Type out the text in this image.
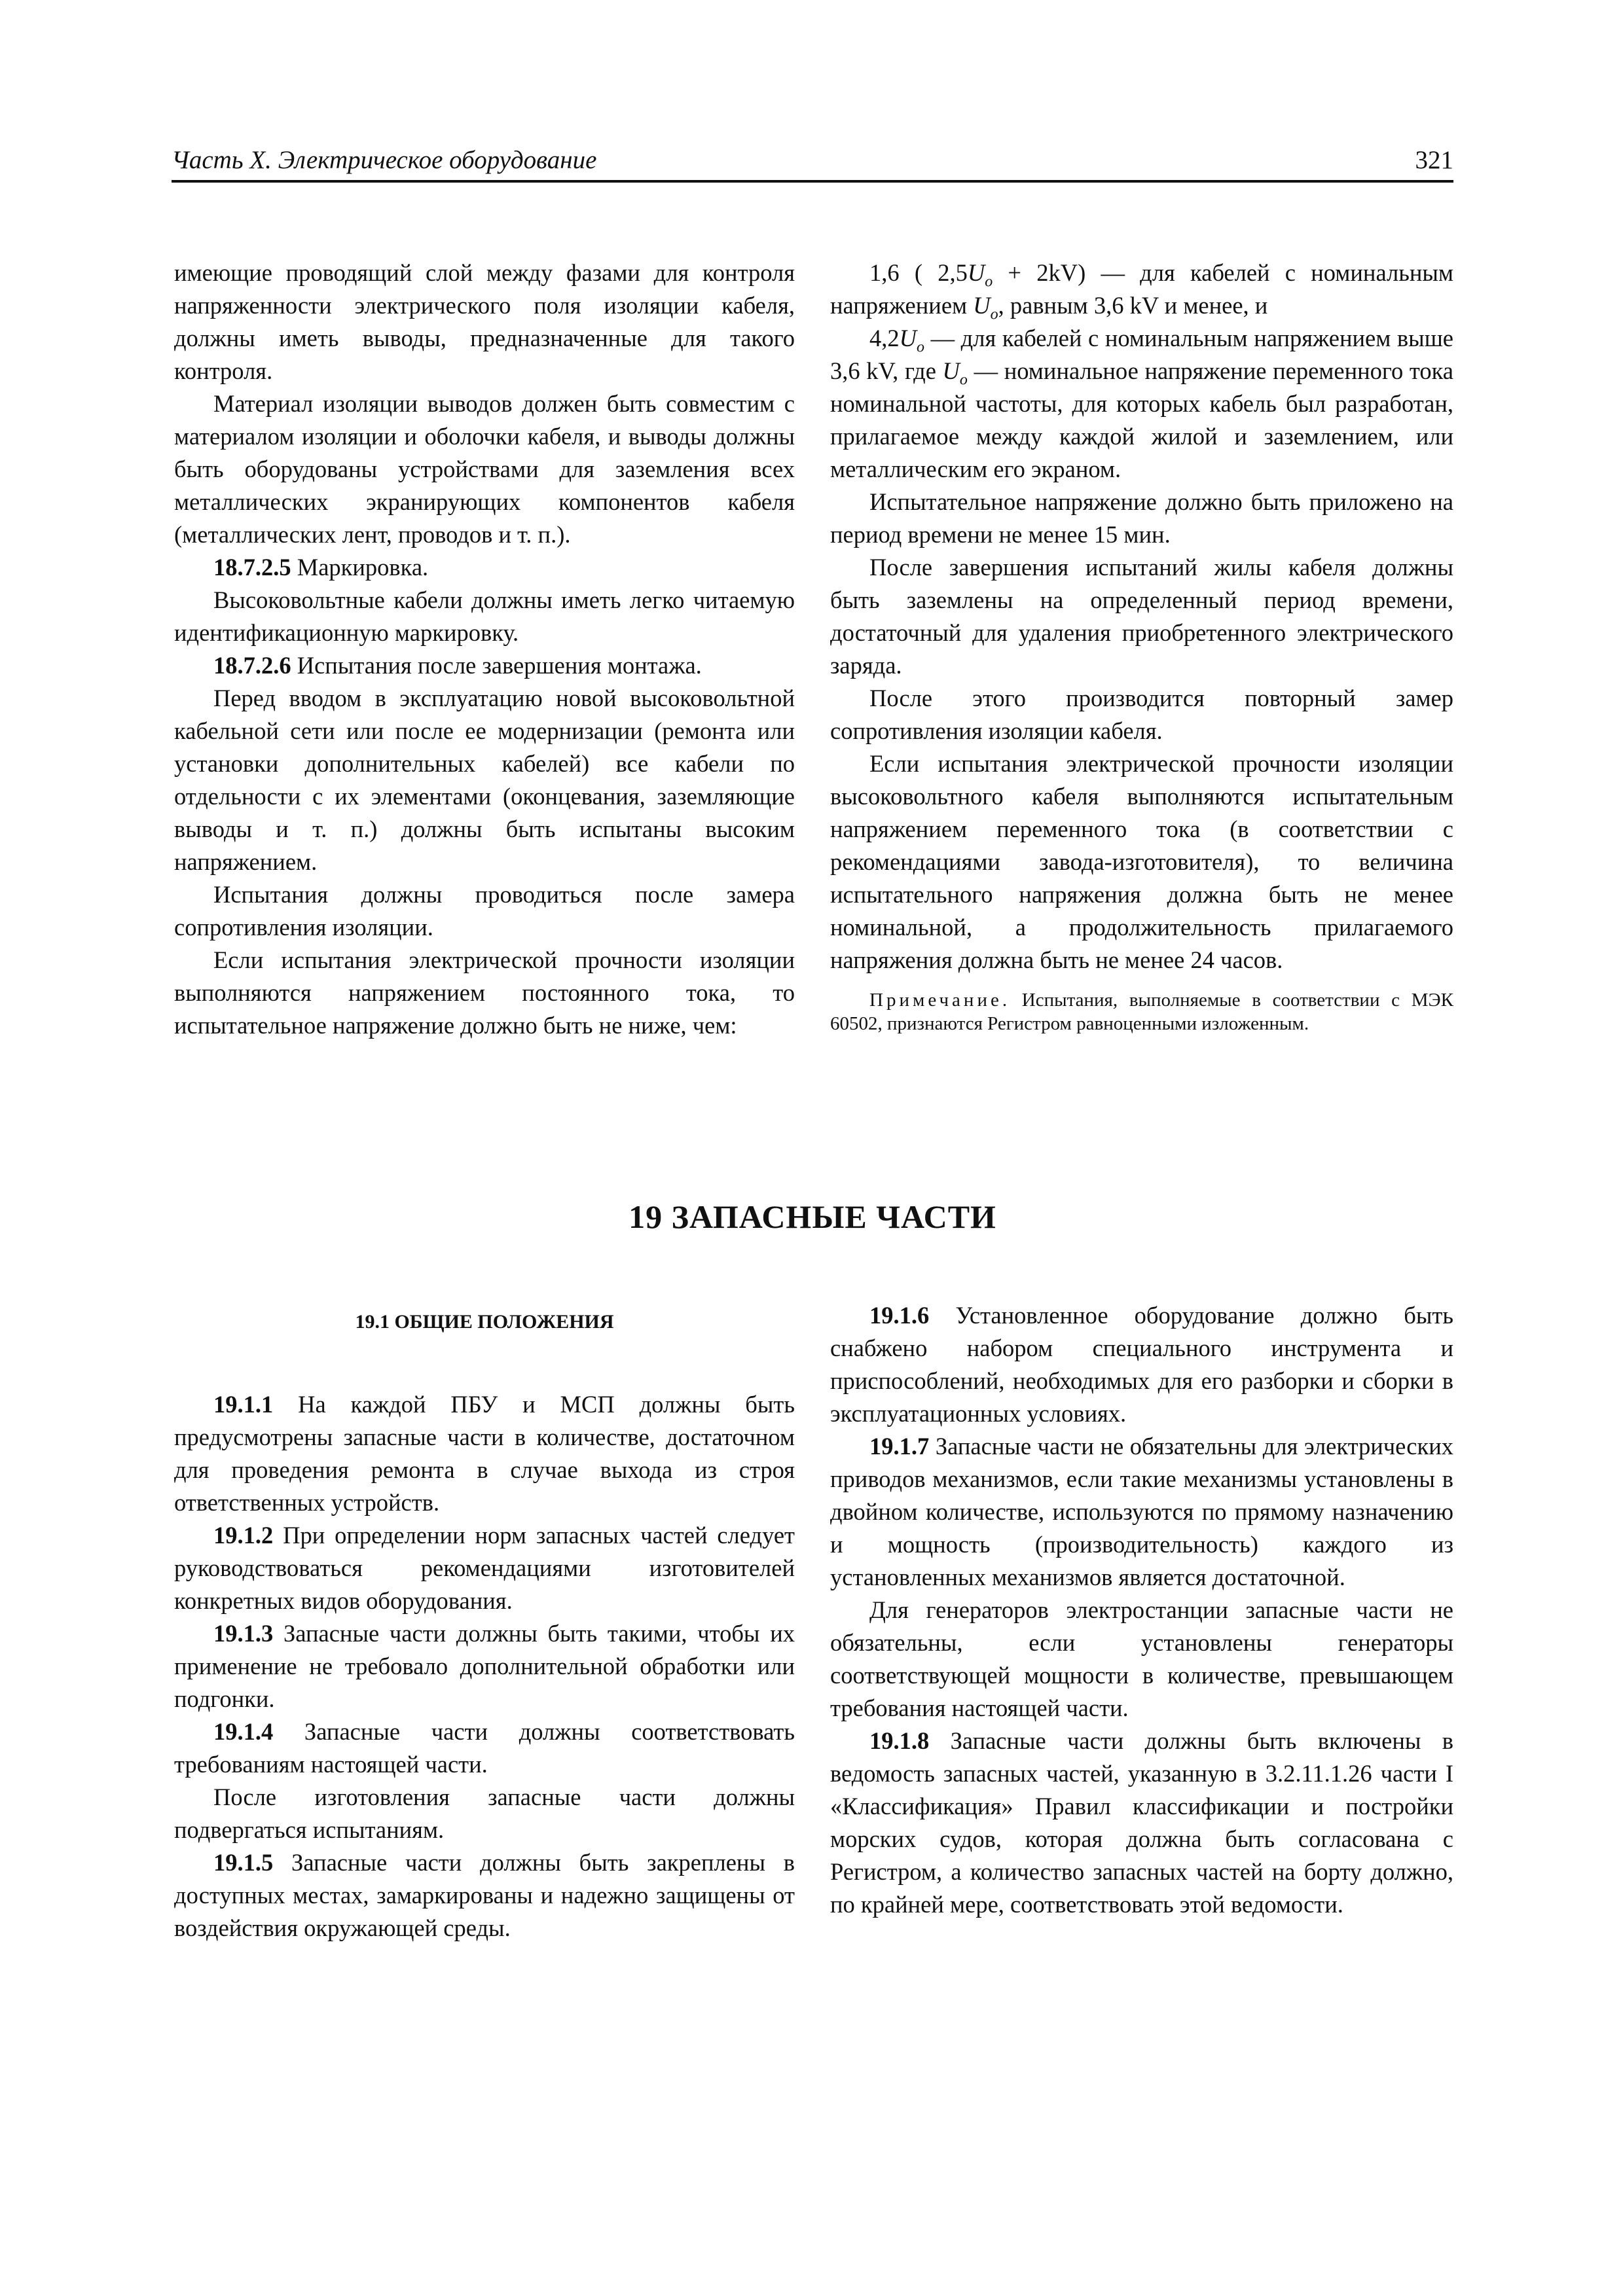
Часть X. Электрическое оборудование	321

имеющие проводящий слой между фазами для контроля напряженности электрического поля изоляции кабеля, должны иметь выводы, предназначенные для такого контроля.

Материал изоляции выводов должен быть совместим с материалом изоляции и оболочки кабеля, и выводы должны быть оборудованы устройствами для заземления всех металлических экранирующих компонентов кабеля (металлических лент, проводов и т. п.).

18.7.2.5 Маркировка.

Высоковольтные кабели должны иметь легко читаемую идентификационную маркировку.

18.7.2.6 Испытания после завершения монтажа.

Перед вводом в эксплуатацию новой высоковольтной кабельной сети или после ее модернизации (ремонта или установки дополнительных кабелей) все кабели по отдельности с их элементами (оконцевания, заземляющие выводы и т. п.) должны быть испытаны высоким напряжением.

Испытания должны проводиться после замера сопротивления изоляции.

Если испытания электрической прочности изоляции выполняются напряжением постоянного тока, то испытательное напряжение должно быть не ниже, чем:

1,6 ( $2,5U_o + 2kV$) — для кабелей с номинальным напряжением $U_o$, равным 3,6 kV и менее, и

$4,2U_o$ — для кабелей с номинальным напряжением выше 3,6 kV, где $U_o$ — номинальное напряжение переменного тока номинальной частоты, для которых кабель был разработан, прилагаемое между каждой жилой и заземлением, или металлическим его экраном.

Испытательное напряжение должно быть приложено на период времени не менее 15 мин.

После завершения испытаний жилы кабеля должны быть заземлены на определенный период времени, достаточный для удаления приобретенного электрического заряда.

После этого производится повторный замер сопротивления изоляции кабеля.

Если испытания электрической прочности изоляции высоковольтного кабеля выполняются испытательным напряжением переменного тока (в соответствии с рекомендациями завода-изготовителя), то величина испытательного напряжения должна быть не менее номинальной, а продолжительность прилагаемого напряжения должна быть не менее 24 часов.

Примечание. Испытания, выполняемые в соответствии с МЭК 60502, признаются Регистром равноценными изложенным.
19 ЗАПАСНЫЕ ЧАСТИ
19.1 ОБЩИЕ ПОЛОЖЕНИЯ

19.1.1 На каждой ПБУ и МСП должны быть предусмотрены запасные части в количестве, достаточном для проведения ремонта в случае выхода из строя ответственных устройств.

19.1.2 При определении норм запасных частей следует руководствоваться рекомендациями изготовителей конкретных видов оборудования.

19.1.3 Запасные части должны быть такими, чтобы их применение не требовало дополнительной обработки или подгонки.

19.1.4 Запасные части должны соответствовать требованиям настоящей части.

После изготовления запасные части должны подвергаться испытаниям.

19.1.5 Запасные части должны быть закреплены в доступных местах, замаркированы и надежно защищены от воздействия окружающей среды.

19.1.6 Установленное оборудование должно быть снабжено набором специального инструмента и приспособлений, необходимых для его разборки и сборки в эксплуатационных условиях.

19.1.7 Запасные части не обязательны для электрических приводов механизмов, если такие механизмы установлены в двойном количестве, используются по прямому назначению и мощность (производительность) каждого из установленных механизмов является достаточной.

Для генераторов электростанции запасные части не обязательны, если установлены генераторы соответствующей мощности в количестве, превышающем требования настоящей части.

19.1.8 Запасные части должны быть включены в ведомость запасных частей, указанную в 3.2.11.1.26 части I «Классификация» Правил классификации и постройки морских судов, которая должна быть согласована с Регистром, а количество запасных частей на борту должно, по крайней мере, соответствовать этой ведомости.
